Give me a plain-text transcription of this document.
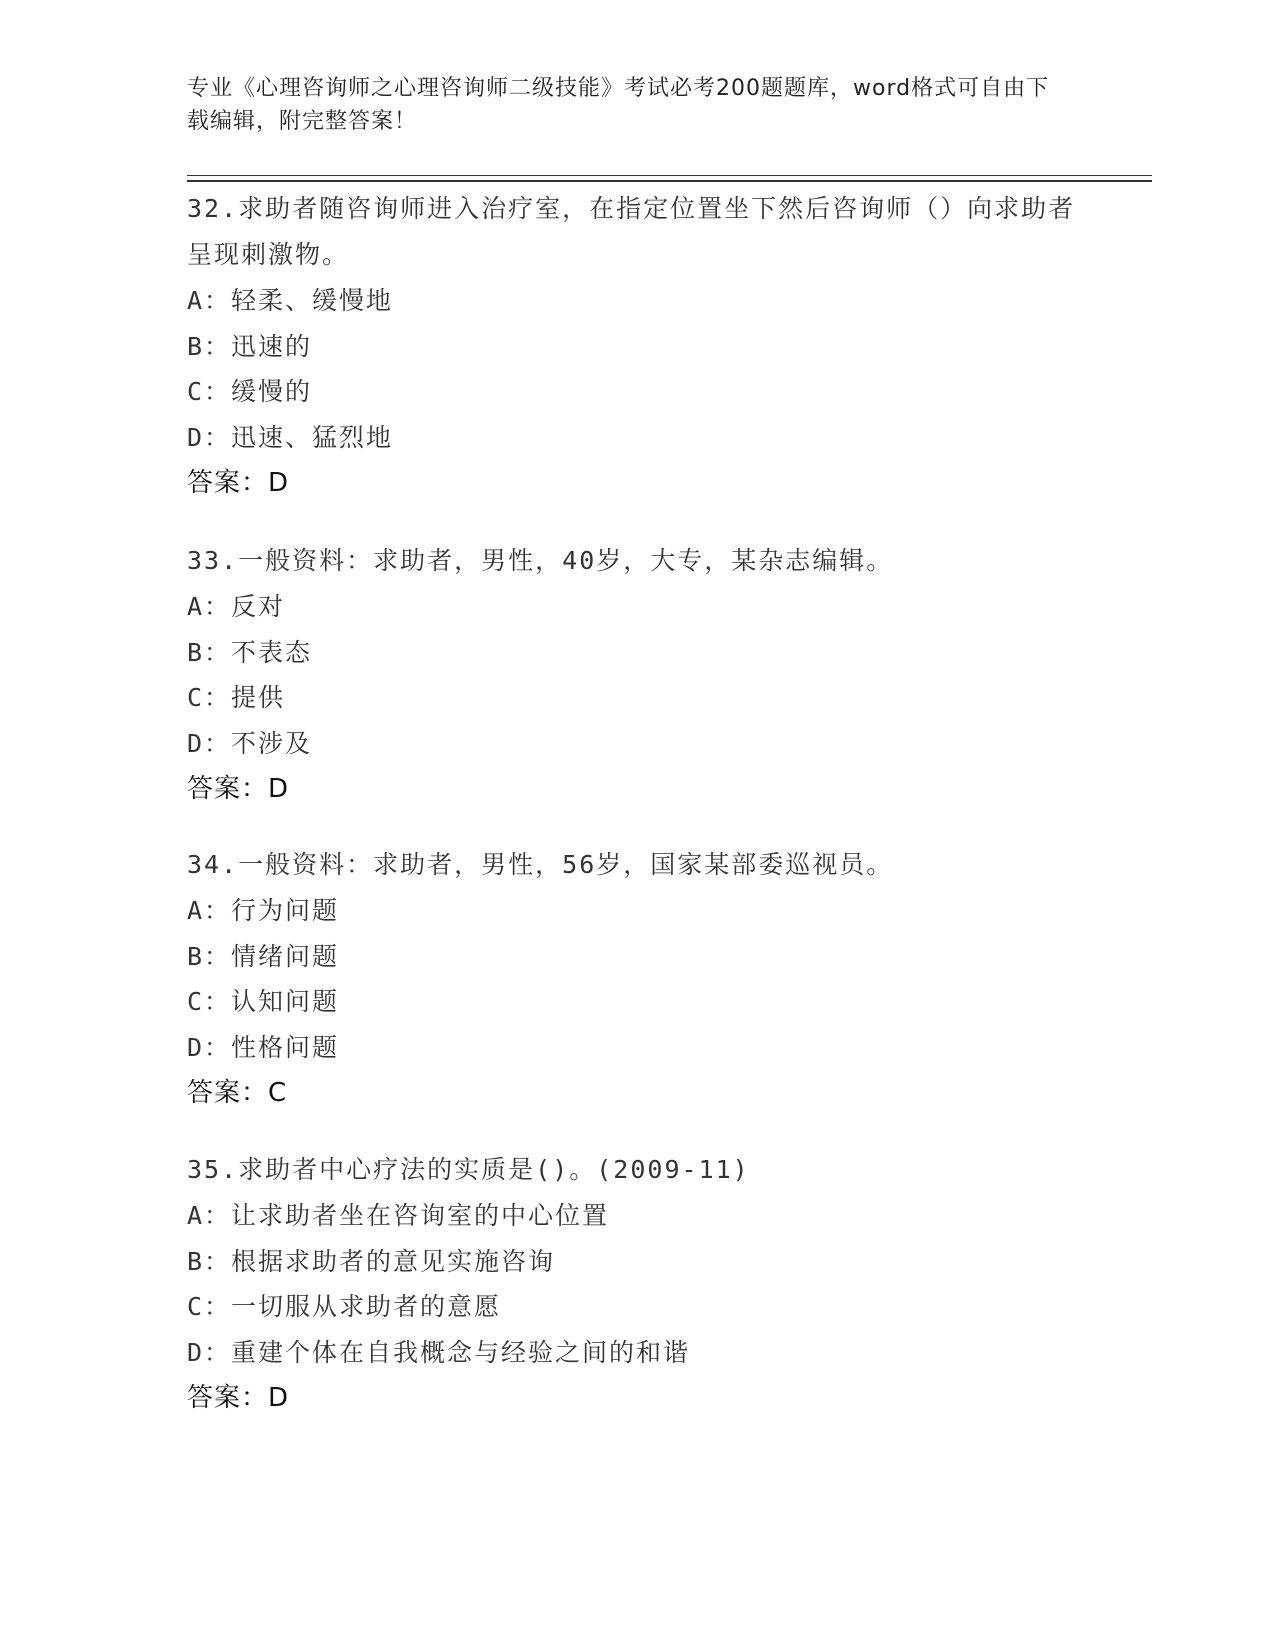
专业《心理咨询师之心理咨询师二级技能》考试必考200题题库，word格式可自由下载编辑，附完整答案！
32.求助者随咨询师进入治疗室，在指定位置坐下然后咨询师（）向求助者呈现刺激物。
A：轻柔、缓慢地
B：迅速的
C：缓慢的
D：迅速、猛烈地
答案：D
33.一般资料：求助者，男性，40岁，大专，某杂志编辑。
A：反对
B：不表态
C：提供
D：不涉及
答案：D
34.一般资料：求助者，男性，56岁，国家某部委巡视员。
A：行为问题
B：情绪问题
C：认知问题
D：性格问题
答案：C
35.求助者中心疗法的实质是()。(2009-11)
A：让求助者坐在咨询室的中心位置
B：根据求助者的意见实施咨询
C：一切服从求助者的意愿
D：重建个体在自我概念与经验之间的和谐
答案：D
